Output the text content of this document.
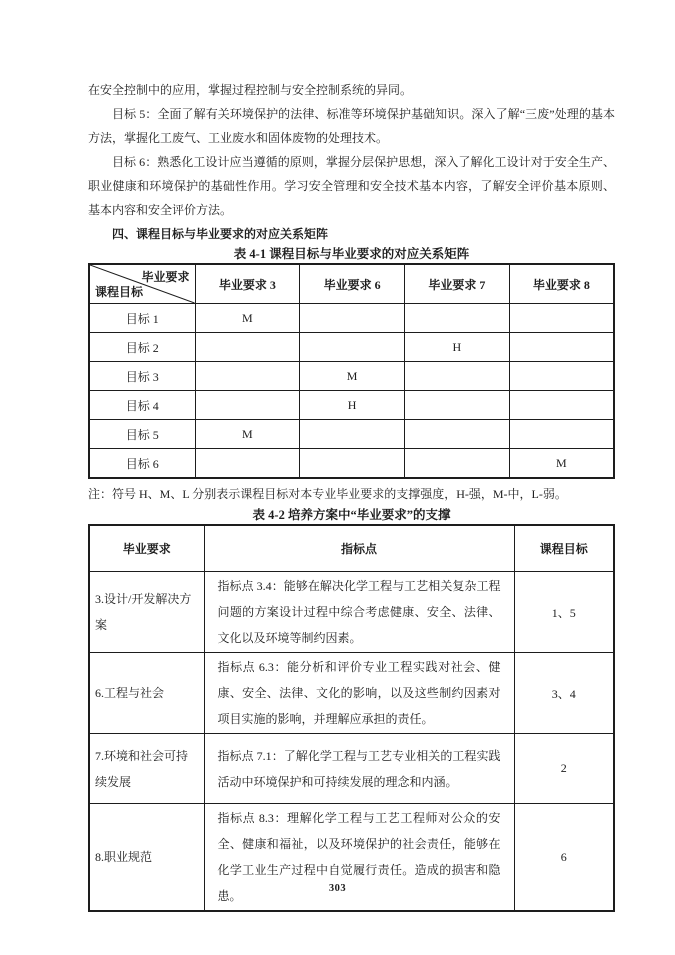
在安全控制中的应用，掌握过程控制与安全控制系统的异同。

目标 5：全面了解有关环境保护的法律、标准等环境保护基础知识。深入了解“三废”处理的基本方法，掌握化工废气、工业废水和固体废物的处理技术。

目标 6：熟悉化工设计应当遵循的原则，掌握分层保护思想，深入了解化工设计对于安全生产、职业健康和环境保护的基础性作用。学习安全管理和安全技术基本内容，了解安全评价基本原则、基本内容和安全评价方法。

四、课程目标与毕业要求的对应关系矩阵

表 4-1 课程目标与毕业要求的对应关系矩阵

毕业要求
课程目标	毕业要求 3	毕业要求 6	毕业要求 7	毕业要求 8
目标 1	M			
目标 2			H	
目标 3		M		
目标 4		H		
目标 5	M			
目标 6				M

注：符号 H、M、L 分别表示课程目标对本专业毕业要求的支撑强度，H-强，M-中，L-弱。

表 4-2 培养方案中“毕业要求”的支撑

毕业要求	指标点	课程目标
3.设计/开发解决方案	指标点 3.4：能够在解决化学工程与工艺相关复杂工程问题的方案设计过程中综合考虑健康、安全、法律、文化以及环境等制约因素。	1、5
6.工程与社会	指标点 6.3：能分析和评价专业工程实践对社会、健康、安全、法律、文化的影响，以及这些制约因素对项目实施的影响，并理解应承担的责任。	3、4
7.环境和社会可持续发展	指标点 7.1：了解化学工程与工艺专业相关的工程实践活动中环境保护和可持续发展的理念和内涵。	2
8.职业规范	指标点 8.3：理解化学工程与工艺工程师对公众的安全、健康和福祉，以及环境保护的社会责任，能够在化学工业生产过程中自觉履行责任。造成的损害和隐患。	6
303
